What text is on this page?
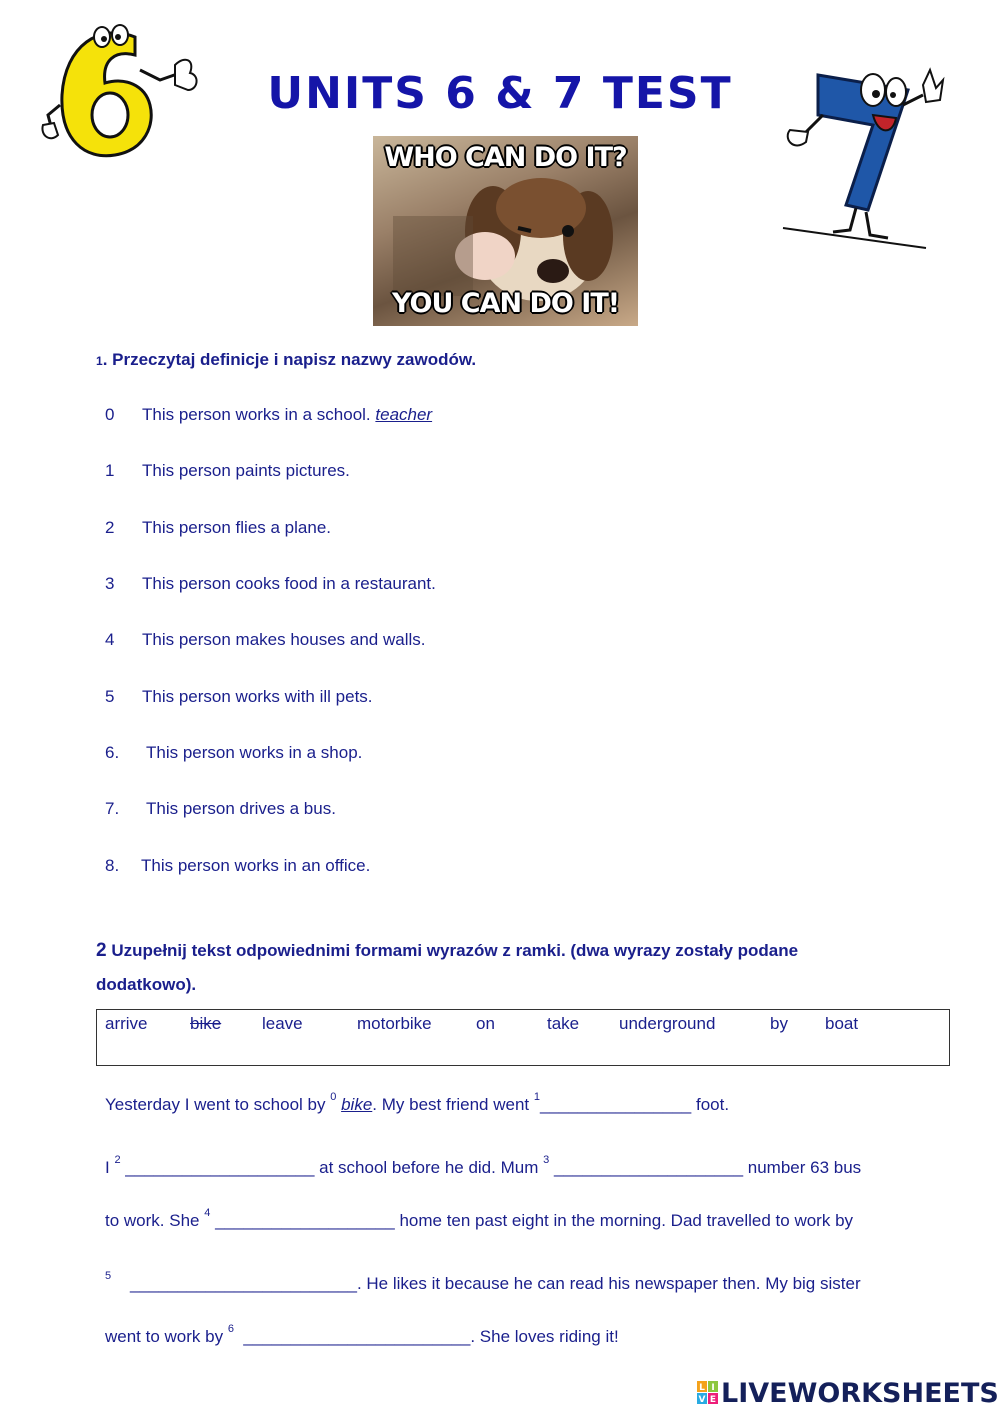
UNITS 6 & 7 TEST
WHO CAN DO IT?
YOU CAN DO IT!
1. Przeczytaj definicje i napisz nazwy zawodów.
0 This person works in a school. teacher
1 This person paints pictures.
2 This person flies a plane.
3 This person cooks food in a restaurant.
4 This person makes houses and walls.
5 This person works with ill pets.
6. This person works in a shop.
7. This person drives a bus.
8. This person works in an office.
2 Uzupełnij tekst odpowiednimi formami wyrazów z ramki. (dwa wyrazy zostały podane
dodatkowo).
arrive bike leave	motorbike	on	take underground	by boat
Yesterday I went to school by $^0$ bike. My best friend went $^1$________________ foot.
I $^2$ ____________________ at school before he did. Mum $^3$ ____________________ number 63 bus
to work. She $^4$ ___________________ home ten past eight in the morning. Dad travelled to work by
$^5$ ________________________. He likes it because he can read his newspaper then. My big sister
went to work by $^6$ ________________________. She loves riding it!
L I
V E LIVEWORKSHEETS
